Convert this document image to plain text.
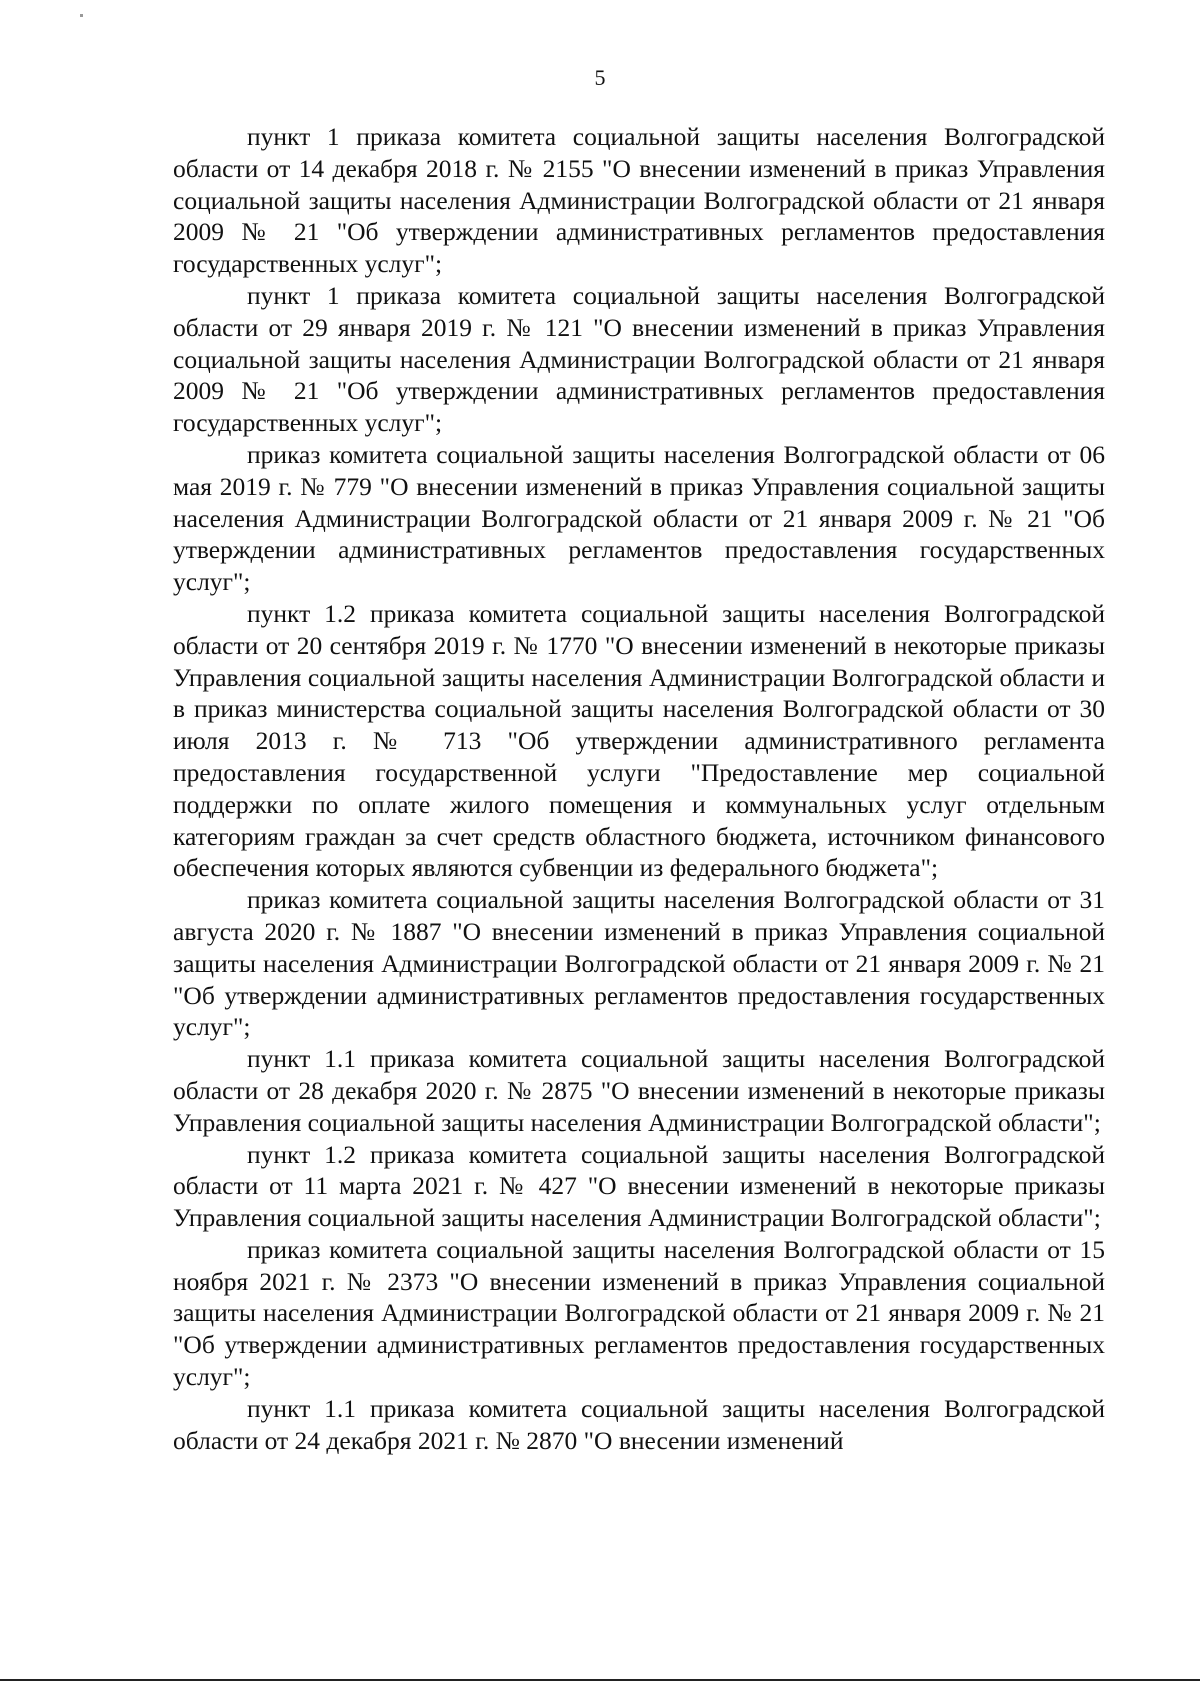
5

пункт 1 приказа комитета социальной защиты населения Волгоградской области от 14 декабря 2018 г. № 2155 "О внесении изменений в приказ Управления социальной защиты населения Администрации Волгоградской области от 21 января 2009 № 21 "Об утверждении административных регламентов предоставления государственных услуг";

пункт 1 приказа комитета социальной защиты населения Волгоградской области от 29 января 2019 г. № 121 "О внесении изменений в приказ Управления социальной защиты населения Администрации Волгоградской области от 21 января 2009 № 21 "Об утверждении административных регламентов предоставления государственных услуг";

приказ комитета социальной защиты населения Волгоградской области от 06 мая 2019 г. № 779 "О внесении изменений в приказ Управления социальной защиты населения Администрации Волгоградской области от 21 января 2009 г. № 21 "Об утверждении административных регламентов предоставления государственных услуг";

пункт 1.2 приказа комитета социальной защиты населения Волгоградской области от 20 сентября 2019 г. № 1770 "О внесении изменений в некоторые приказы Управления социальной защиты населения Администрации Волгоградской области и в приказ министерства социальной защиты населения Волгоградской области от 30 июля 2013 г. № 713 "Об утверждении административного регламента предоставления государственной услуги "Предоставление мер социальной поддержки по оплате жилого помещения и коммунальных услуг отдельным категориям граждан за счет средств областного бюджета, источником финансового обеспечения которых являются субвенции из федерального бюджета";

приказ комитета социальной защиты населения Волгоградской области от 31 августа 2020 г. № 1887 "О внесении изменений в приказ Управления социальной защиты населения Администрации Волгоградской области от 21 января 2009 г. № 21 "Об утверждении административных регламентов предоставления государственных услуг";

пункт 1.1 приказа комитета социальной защиты населения Волгоградской области от 28 декабря 2020 г. № 2875 "О внесении изменений в некоторые приказы Управления социальной защиты населения Администрации Волгоградской области";

пункт 1.2 приказа комитета социальной защиты населения Волгоградской области от 11 марта 2021 г. № 427 "О внесении изменений в некоторые приказы Управления социальной защиты населения Администрации Волгоградской области";

приказ комитета социальной защиты населения Волгоградской области от 15 ноября 2021 г. № 2373 "О внесении изменений в приказ Управления социальной защиты населения Администрации Волгоградской области от 21 января 2009 г. № 21 "Об утверждении административных регламентов предоставления государственных услуг";

пункт 1.1 приказа комитета социальной защиты населения Волгоградской области от 24 декабря 2021 г. № 2870 "О внесении изменений
